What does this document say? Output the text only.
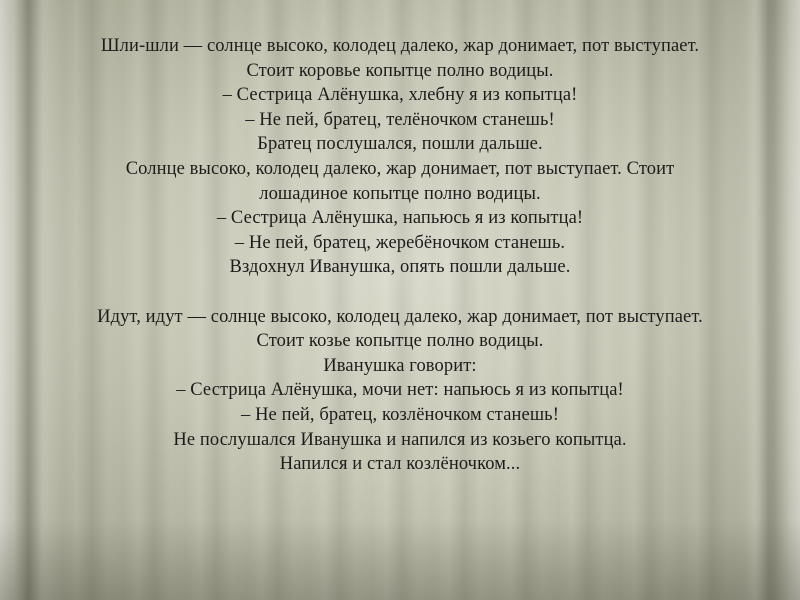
Шли-шли — солнце высоко, колодец далеко, жар донимает, пот выступает.
Стоит коровье копытце полно водицы.
– Сестрица Алёнушка, хлебну я из копытца!
– Не пей, братец, телёночком станешь!
Братец послушался, пошли дальше.
Солнце высоко, колодец далеко, жар донимает, пот выступает. Стоит
лошадиное копытце полно водицы.
– Сестрица Алёнушка, напьюсь я из копытца!
– Не пей, братец, жеребёночком станешь.
Вздохнул Иванушка, опять пошли дальше.
Идут, идут — солнце высоко, колодец далеко, жар донимает, пот выступает.
Стоит козье копытце полно водицы.
Иванушка говорит:
– Сестрица Алёнушка, мочи нет: напьюсь я из копытца!
– Не пей, братец, козлёночком станешь!
Не послушался Иванушка и напился из козьего копытца.
Напился и стал козлёночком...
